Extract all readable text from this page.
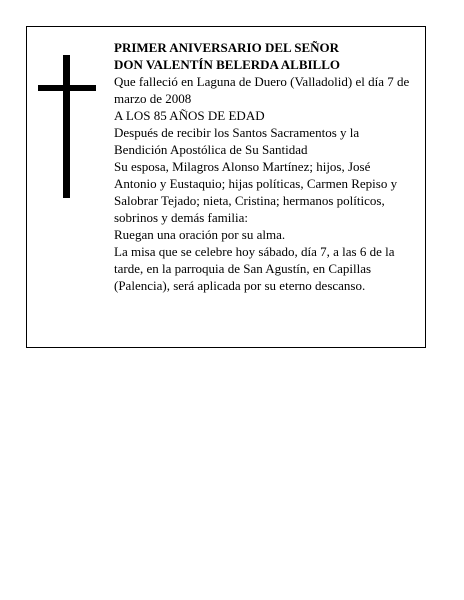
PRIMER ANIVERSARIO DEL SEÑOR

DON VALENTÍN BELERDA ALBILLO

Que falleció en Laguna de Duero (Valladolid) el día 7 de marzo de 2008

A LOS 85 AÑOS DE EDAD

Después de recibir los Santos Sacramentos y la Bendición Apostólica de Su Santidad

Su esposa, Milagros Alonso Martínez; hijos, José Antonio y Eustaquio; hijas políticas, Carmen Repiso y Salobrar Tejado; nieta, Cristina; hermanos políticos, sobrinos y demás familia:

Ruegan una oración por su alma.

La misa que se celebre hoy sábado, día 7, a las 6 de la tarde, en la parroquia de San Agustín, en Capillas (Palencia), será aplicada por su eterno descanso.
